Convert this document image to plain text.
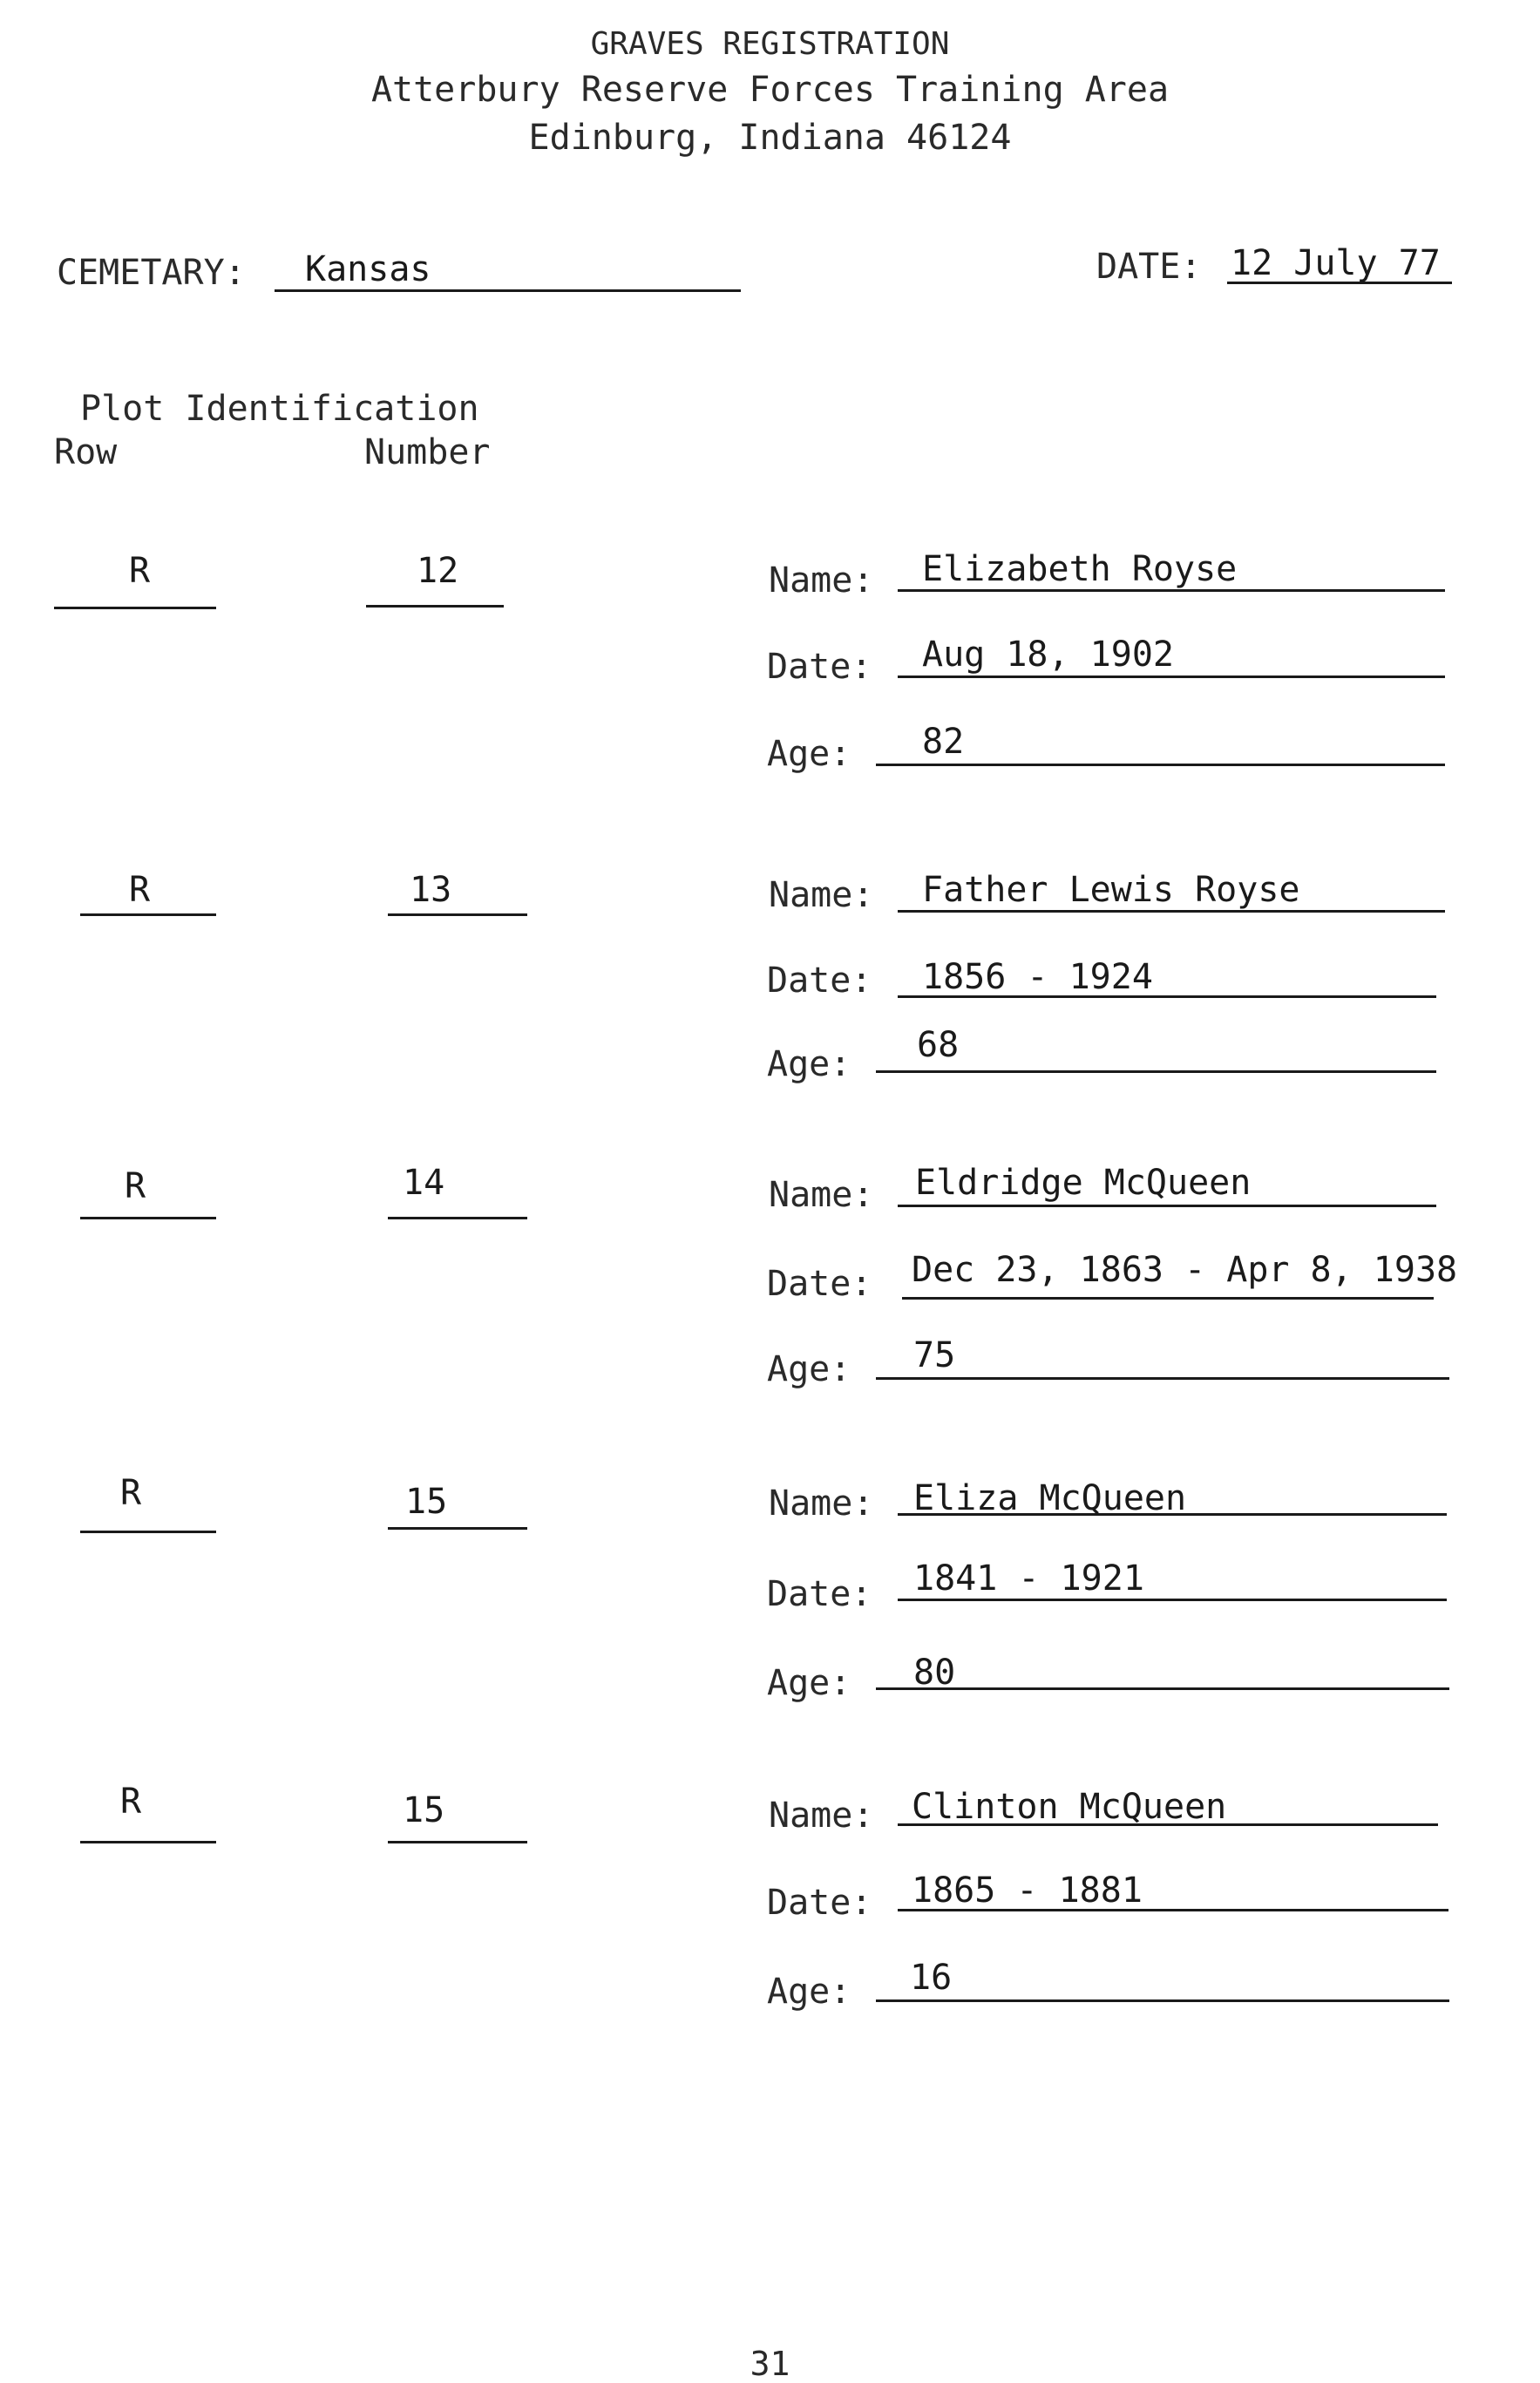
GRAVES REGISTRATION
Atterbury Reserve Forces Training Area
Edinburg, Indiana 46124
CEMETARY: Kansas	DATE: 12 July 77
Plot Identification
Row	Number
R	12	Name: Elizabeth Royse
Date: Aug 18, 1902
Age: 82
R	13	Name: Father Lewis Royse
Date: 1856 - 1924
Age: 68
R	14	Name: Eldridge McQueen
Date: Dec 23, 1863 - Apr 8, 1938
Age: 75
R	15	Name: Eliza McQueen
Date: 1841 - 1921
Age: 80
R	15	Name: Clinton McQueen
Date: 1865 - 1881
Age: 16
31
